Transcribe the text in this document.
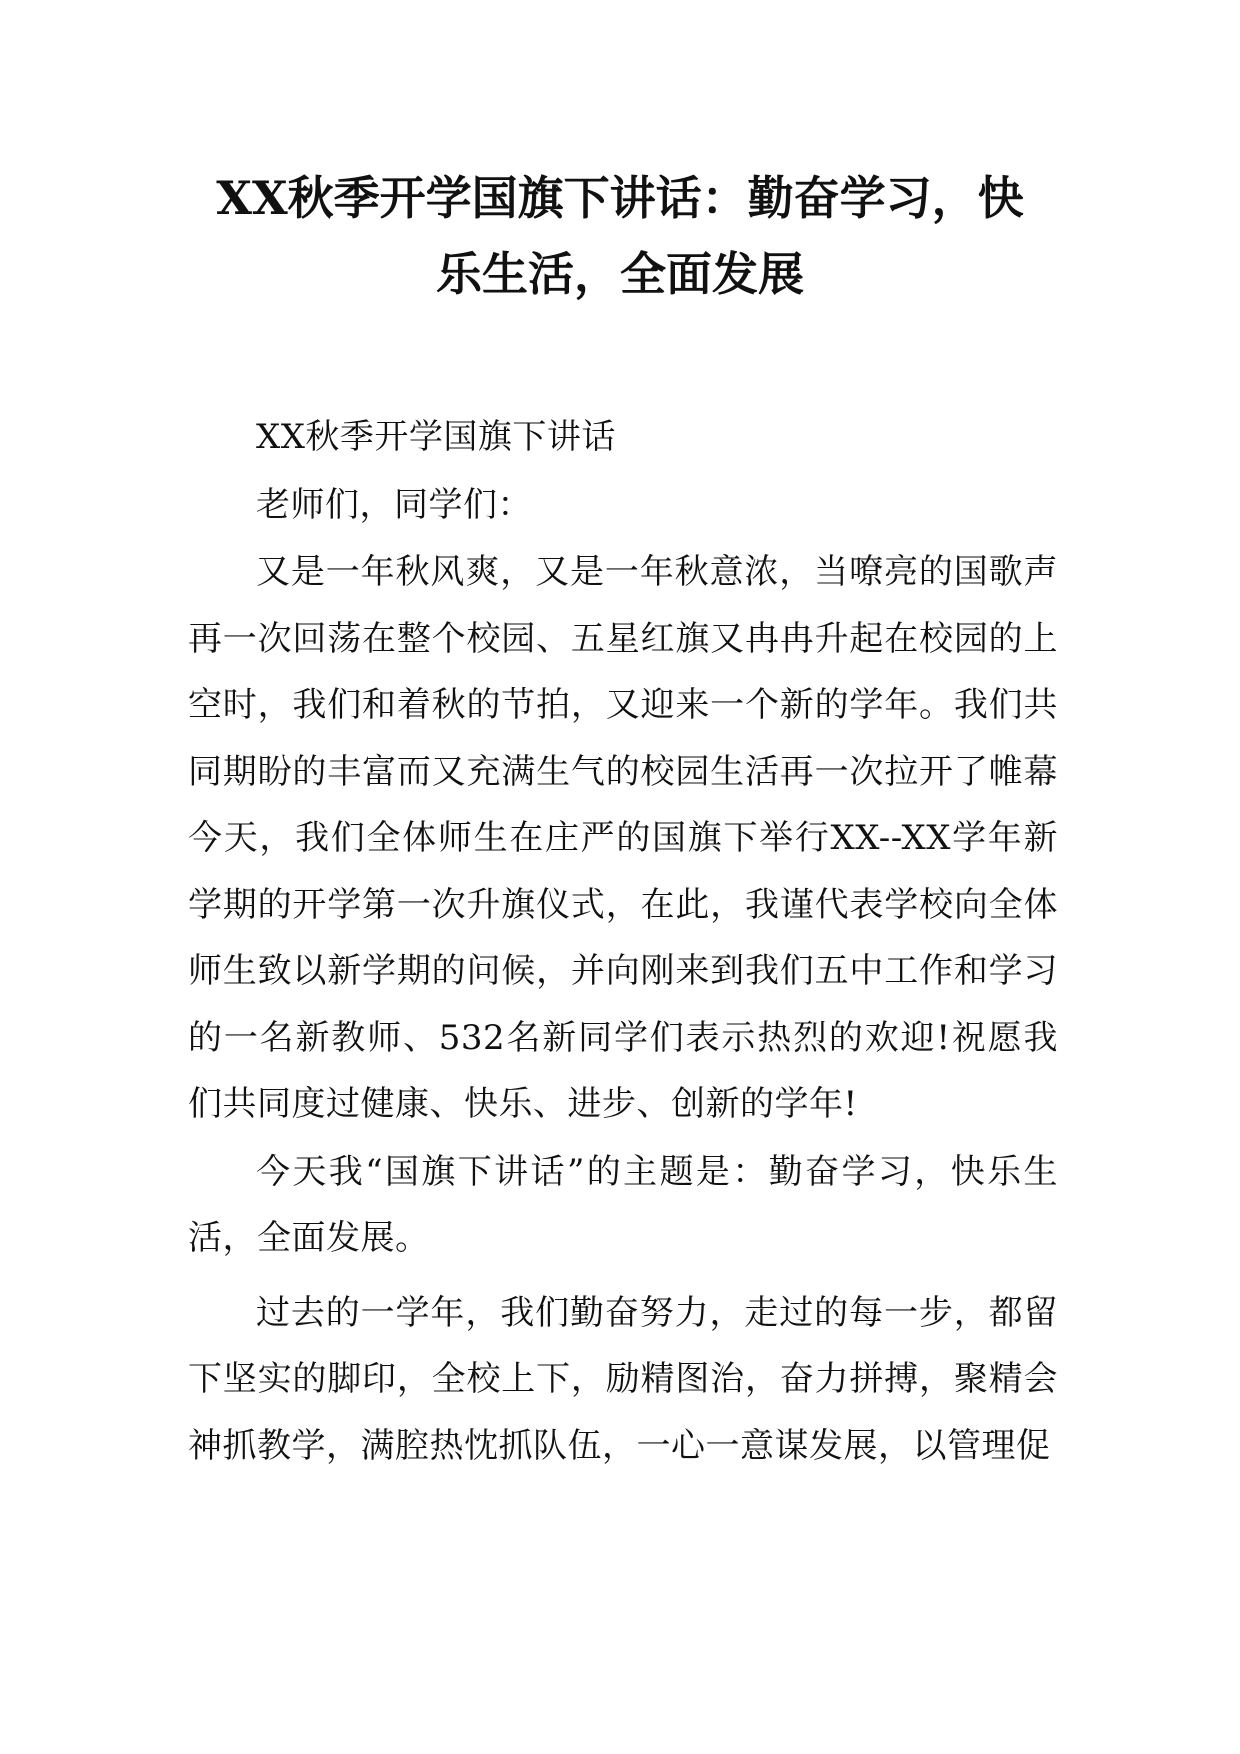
XX秋季开学国旗下讲话：勤奋学习，快
乐生活，全面发展

XX秋季开学国旗下讲话

老师们，同学们：

又是一年秋风爽，又是一年秋意浓，当嘹亮的国歌声再一次回荡在整个校园、五星红旗又冉冉升起在校园的上空时，我们和着秋的节拍，又迎来一个新的学年。我们共同期盼的丰富而又充满生气的校园生活再一次拉开了帷幕今天，我们全体师生在庄严的国旗下举行XX--XX学年新学期的开学第一次升旗仪式，在此，我谨代表学校向全体师生致以新学期的问候，并向刚来到我们五中工作和学习的一名新教师、532名新同学们表示热烈的欢迎!祝愿我们共同度过健康、快乐、进步、创新的学年!

今天我“国旗下讲话”的主题是：勤奋学习，快乐生活，全面发展。

过去的一学年，我们勤奋努力，走过的每一步，都留下坚实的脚印，全校上下，励精图治，奋力拼搏，聚精会神抓教学，满腔热忱抓队伍，一心一意谋发展，以管理促
